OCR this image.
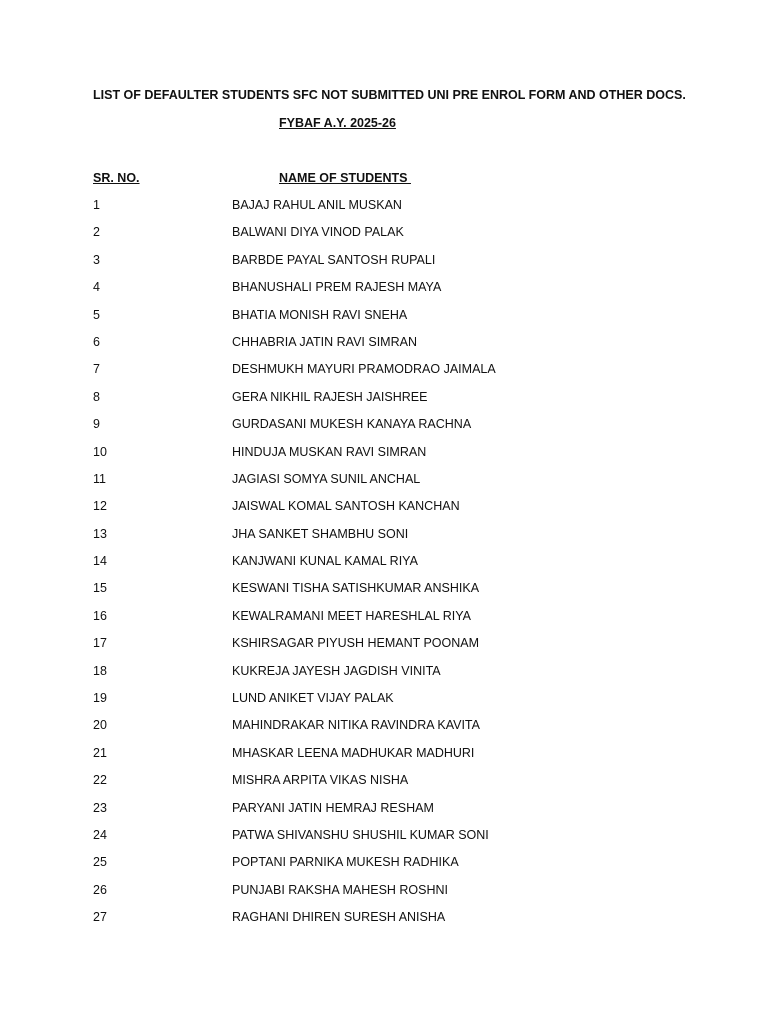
LIST OF DEFAULTER STUDENTS SFC NOT SUBMITTED UNI PRE ENROL FORM AND OTHER DOCS.
FYBAF A.Y. 2025-26
SR. NO.	NAME OF STUDENTS
1	BAJAJ RAHUL ANIL MUSKAN
2	BALWANI DIYA VINOD PALAK
3	BARBDE PAYAL SANTOSH RUPALI
4	BHANUSHALI PREM RAJESH MAYA
5	BHATIA MONISH RAVI SNEHA
6	CHHABRIA JATIN RAVI SIMRAN
7	DESHMUKH MAYURI PRAMODRAO JAIMALA
8	GERA NIKHIL RAJESH JAISHREE
9	GURDASANI MUKESH KANAYA RACHNA
10	HINDUJA MUSKAN RAVI SIMRAN
11	JAGIASI SOMYA SUNIL ANCHAL
12	JAISWAL KOMAL SANTOSH KANCHAN
13	JHA SANKET SHAMBHU SONI
14	KANJWANI KUNAL KAMAL RIYA
15	KESWANI TISHA SATISHKUMAR ANSHIKA
16	KEWALRAMANI MEET HARESHLAL RIYA
17	KSHIRSAGAR PIYUSH HEMANT POONAM
18	KUKREJA JAYESH JAGDISH VINITA
19	LUND ANIKET VIJAY PALAK
20	MAHINDRAKAR NITIKA RAVINDRA KAVITA
21	MHASKAR LEENA MADHUKAR MADHURI
22	MISHRA ARPITA VIKAS NISHA
23	PARYANI JATIN HEMRAJ RESHAM
24	PATWA SHIVANSHU SHUSHIL KUMAR SONI
25	POPTANI PARNIKA MUKESH RADHIKA
26	PUNJABI RAKSHA MAHESH ROSHNI
27	RAGHANI DHIREN SURESH ANISHA
